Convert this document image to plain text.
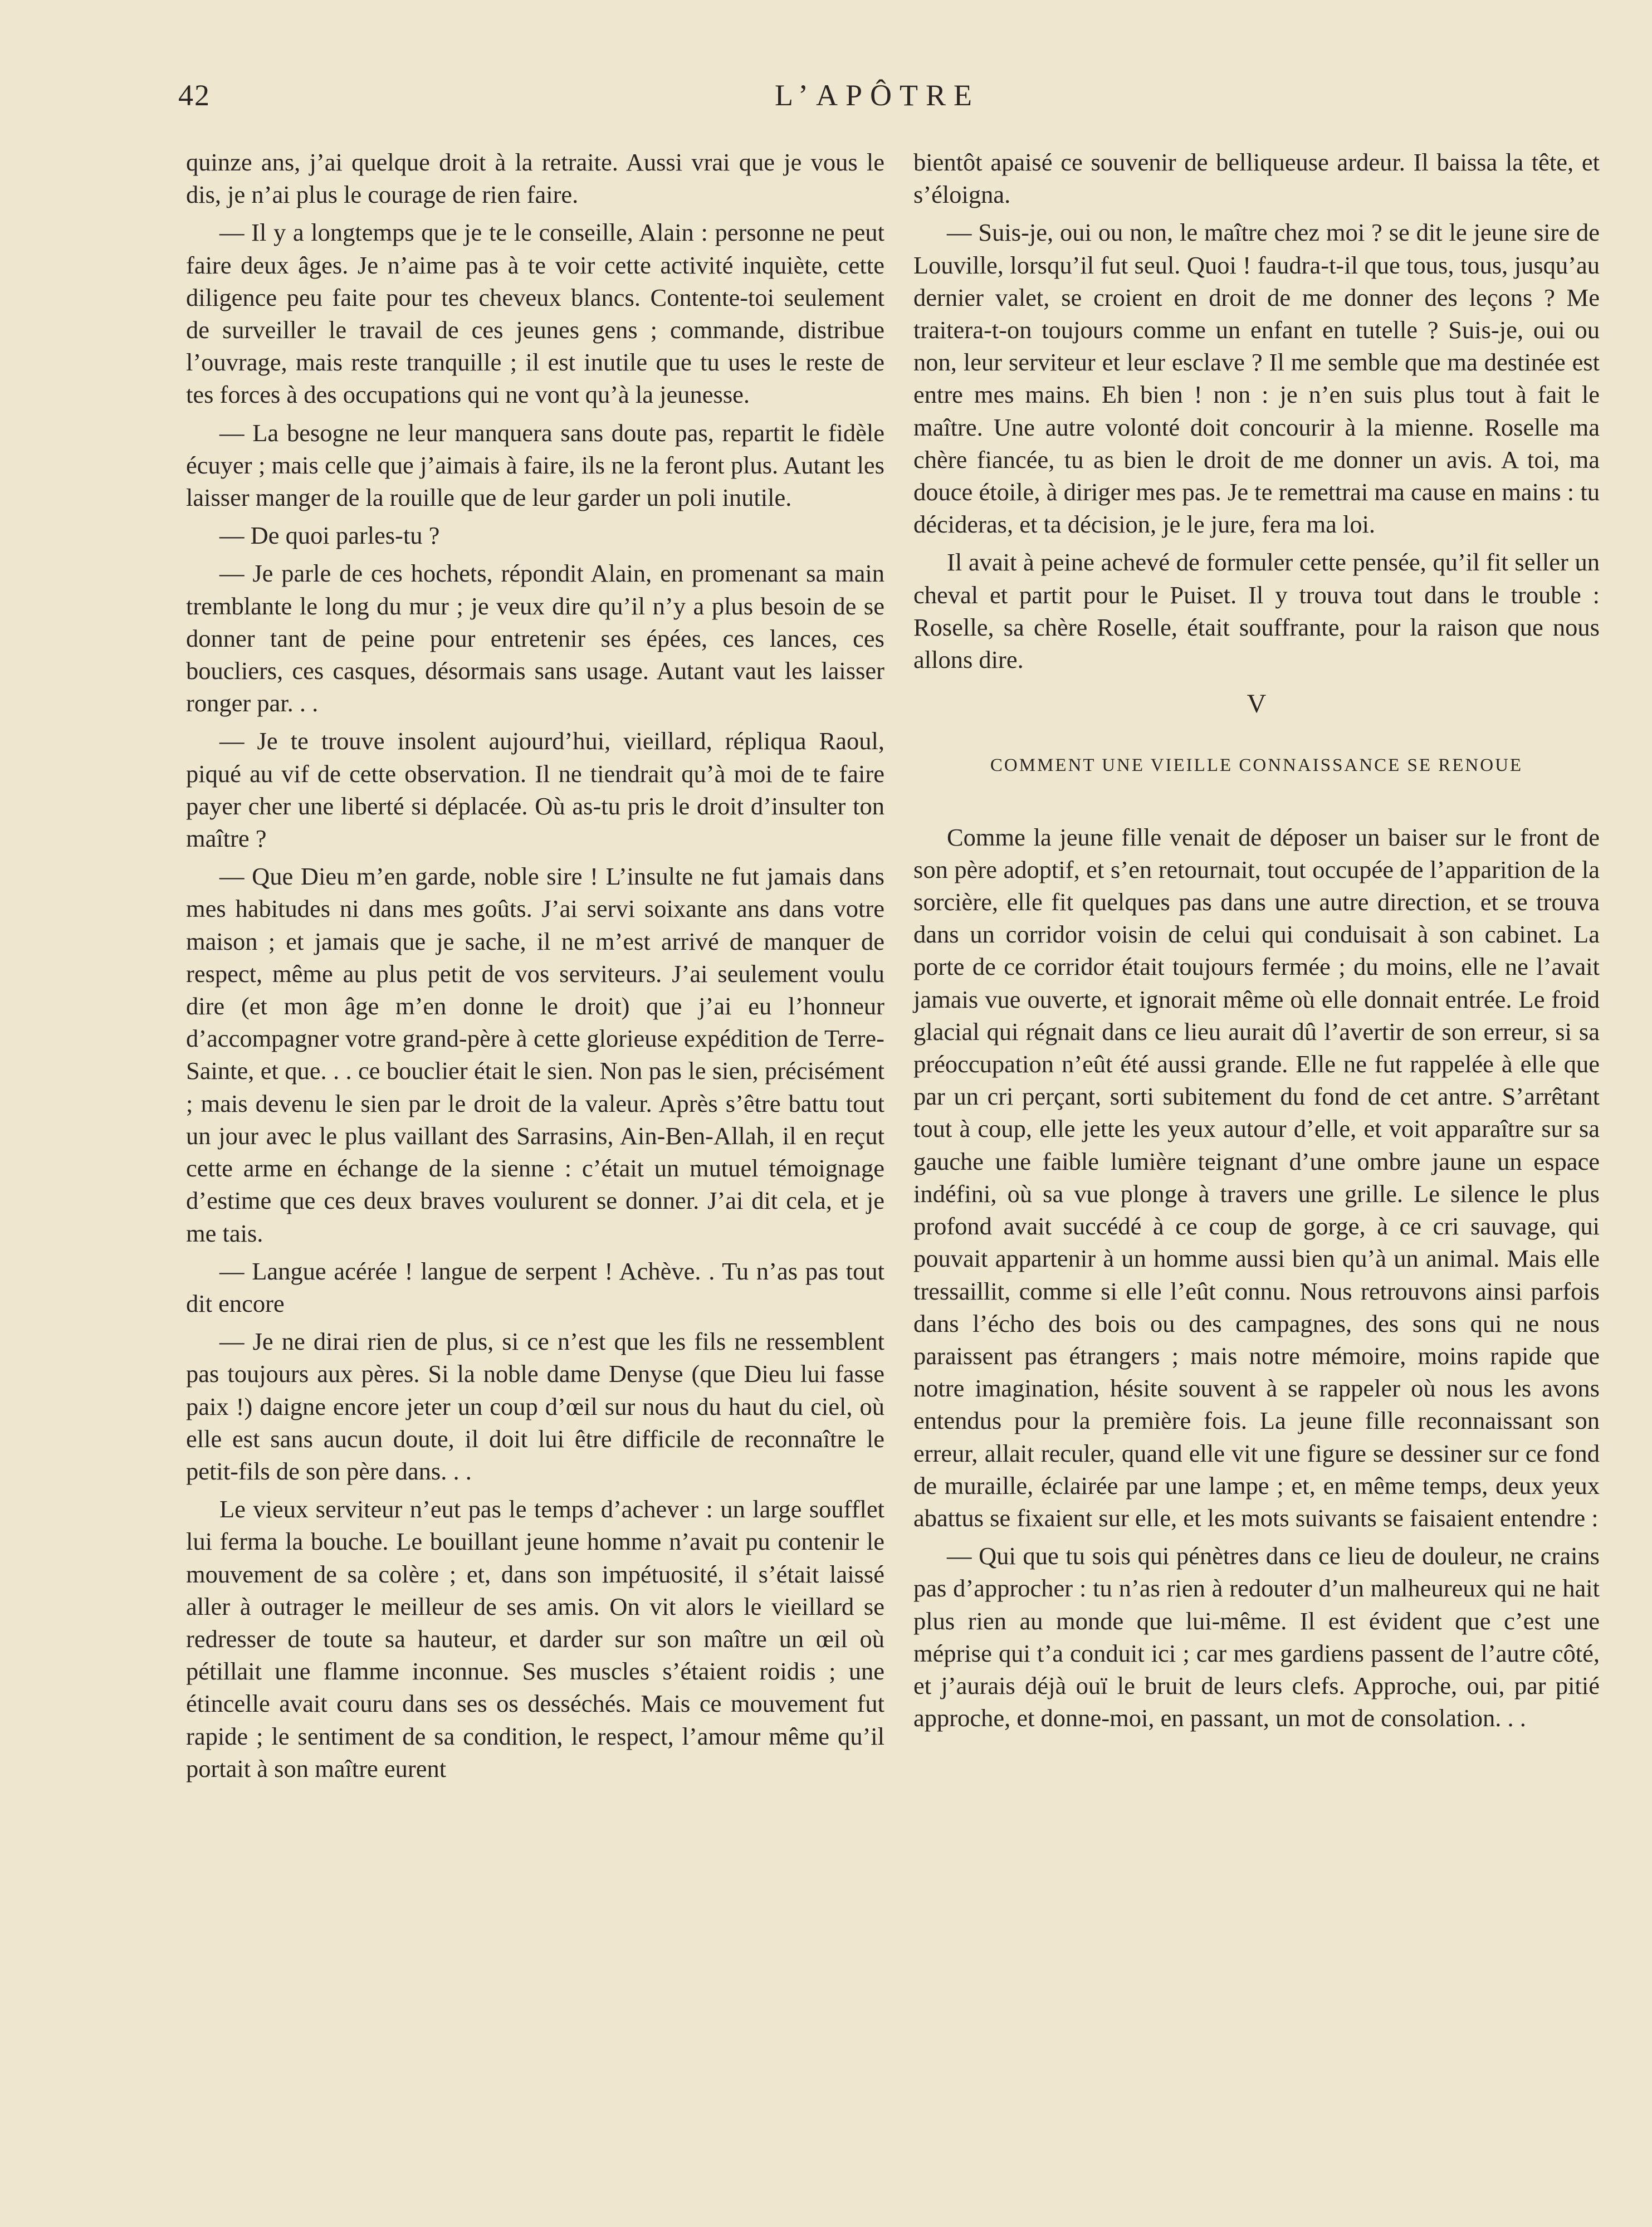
42	L’APÔTRE

quinze ans, j’ai quelque droit à la retraite. Aussi vrai que je vous le dis, je n’ai plus le courage de rien faire.

— Il y a longtemps que je te le conseille, Alain : personne ne peut faire deux âges. Je n’aime pas à te voir cette activité inquiète, cette diligence peu faite pour tes cheveux blancs. Contente-toi seulement de surveiller le travail de ces jeunes gens ; commande, distribue l’ouvrage, mais reste tranquille ; il est inutile que tu uses le reste de tes forces à des occupations qui ne vont qu’à la jeunesse.

— La besogne ne leur manquera sans doute pas, repartit le fidèle écuyer ; mais celle que j’aimais à faire, ils ne la feront plus. Autant les laisser manger de la rouille que de leur garder un poli inutile.

— De quoi parles-tu ?

— Je parle de ces hochets, répondit Alain, en promenant sa main tremblante le long du mur ; je veux dire qu’il n’y a plus besoin de se donner tant de peine pour entretenir ses épées, ces lances, ces boucliers, ces casques, désormais sans usage. Autant vaut les laisser ronger par. . .

— Je te trouve insolent aujourd’hui, vieillard, répliqua Raoul, piqué au vif de cette observation. Il ne tiendrait qu’à moi de te faire payer cher une liberté si déplacée. Où as-tu pris le droit d’insulter ton maître ?

— Que Dieu m’en garde, noble sire ! L’insulte ne fut jamais dans mes habitudes ni dans mes goûts. J’ai servi soixante ans dans votre maison ; et jamais que je sache, il ne m’est arrivé de manquer de respect, même au plus petit de vos serviteurs. J’ai seulement voulu dire (et mon âge m’en donne le droit) que j’ai eu l’honneur d’accompagner votre grand-père à cette glorieuse expédition de Terre-Sainte, et que. . . ce bouclier était le sien. Non pas le sien, précisément ; mais devenu le sien par le droit de la valeur. Après s’être battu tout un jour avec le plus vaillant des Sarrasins, Ain-Ben-Allah, il en reçut cette arme en échange de la sienne : c’était un mutuel témoignage d’estime que ces deux braves voulurent se donner. J’ai dit cela, et je me tais.

— Langue acérée ! langue de serpent ! Achève. . Tu n’as pas tout dit encore

— Je ne dirai rien de plus, si ce n’est que les fils ne ressemblent pas toujours aux pères. Si la noble dame Denyse (que Dieu lui fasse paix !) daigne encore jeter un coup d’œil sur nous du haut du ciel, où elle est sans aucun doute, il doit lui être difficile de reconnaître le petit-fils de son père dans. . .

Le vieux serviteur n’eut pas le temps d’achever : un large soufflet lui ferma la bouche. Le bouillant jeune homme n’avait pu contenir le mouvement de sa colère ; et, dans son impétuosité, il s’était laissé aller à outrager le meilleur de ses amis. On vit alors le vieillard se redresser de toute sa hauteur, et darder sur son maître un œil où pétillait une flamme inconnue. Ses muscles s’étaient roidis ; une étincelle avait couru dans ses os desséchés. Mais ce mouvement fut rapide ; le sentiment de sa condition, le respect, l’amour même qu’il portait à son maître eurent

bientôt apaisé ce souvenir de belliqueuse ardeur. Il baissa la tête, et s’éloigna.

— Suis-je, oui ou non, le maître chez moi ? se dit le jeune sire de Louville, lorsqu’il fut seul. Quoi ! faudra-t-il que tous, tous, jusqu’au dernier valet, se croient en droit de me donner des leçons ? Me traitera-t-on toujours comme un enfant en tutelle ? Suis-je, oui ou non, leur serviteur et leur esclave ? Il me semble que ma destinée est entre mes mains. Eh bien ! non : je n’en suis plus tout à fait le maître. Une autre volonté doit concourir à la mienne. Roselle ma chère fiancée, tu as bien le droit de me donner un avis. A toi, ma douce étoile, à diriger mes pas. Je te remettrai ma cause en mains : tu décideras, et ta décision, je le jure, fera ma loi.

Il avait à peine achevé de formuler cette pensée, qu’il fit seller un cheval et partit pour le Puiset. Il y trouva tout dans le trouble : Roselle, sa chère Roselle, était souffrante, pour la raison que nous allons dire.

V
COMMENT UNE VIEILLE CONNAISSANCE SE RENOUE

Comme la jeune fille venait de déposer un baiser sur le front de son père adoptif, et s’en retournait, tout occupée de l’apparition de la sorcière, elle fit quelques pas dans une autre direction, et se trouva dans un corridor voisin de celui qui conduisait à son cabinet. La porte de ce corridor était toujours fermée ; du moins, elle ne l’avait jamais vue ouverte, et ignorait même où elle donnait entrée. Le froid glacial qui régnait dans ce lieu aurait dû l’avertir de son erreur, si sa préoccupation n’eût été aussi grande. Elle ne fut rappelée à elle que par un cri perçant, sorti subitement du fond de cet antre. S’arrêtant tout à coup, elle jette les yeux autour d’elle, et voit apparaître sur sa gauche une faible lumière teignant d’une ombre jaune un espace indéfini, où sa vue plonge à travers une grille. Le silence le plus profond avait succédé à ce coup de gorge, à ce cri sauvage, qui pouvait appartenir à un homme aussi bien qu’à un animal. Mais elle tressaillit, comme si elle l’eût connu. Nous retrouvons ainsi parfois dans l’écho des bois ou des campagnes, des sons qui ne nous paraissent pas étrangers ; mais notre mémoire, moins rapide que notre imagination, hésite souvent à se rappeler où nous les avons entendus pour la première fois. La jeune fille reconnaissant son erreur, allait reculer, quand elle vit une figure se dessiner sur ce fond de muraille, éclairée par une lampe ; et, en même temps, deux yeux abattus se fixaient sur elle, et les mots suivants se faisaient entendre :

— Qui que tu sois qui pénètres dans ce lieu de douleur, ne crains pas d’approcher : tu n’as rien à redouter d’un malheureux qui ne hait plus rien au monde que lui-même. Il est évident que c’est une méprise qui t’a conduit ici ; car mes gardiens passent de l’autre côté, et j’aurais déjà ouï le bruit de leurs clefs. Approche, oui, par pitié approche, et donne-moi, en passant, un mot de consolation. . .
